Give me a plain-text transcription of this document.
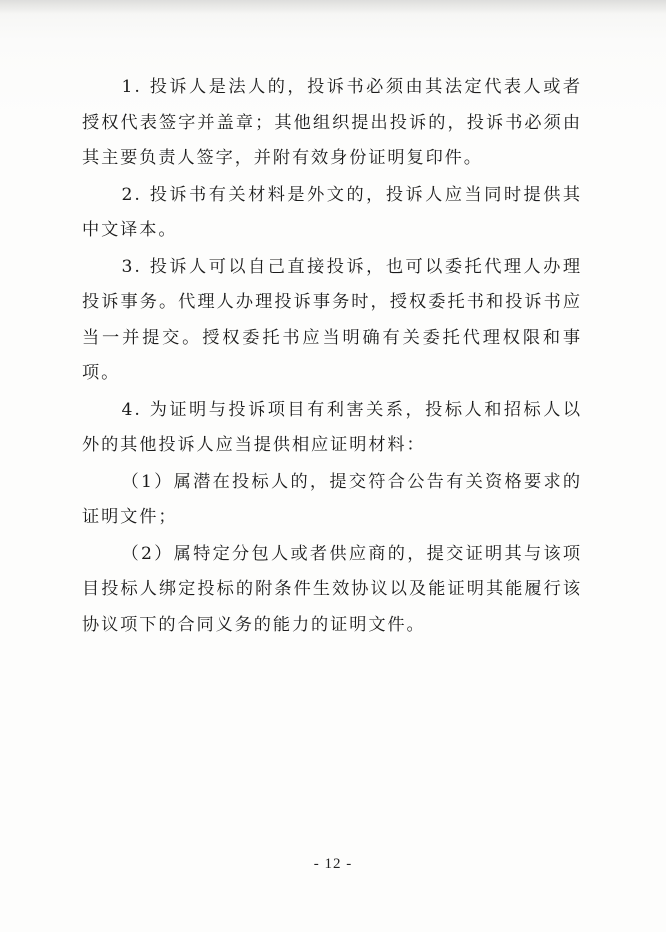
1. 投诉人是法人的，投诉书必须由其法定代表人或者授权代表签字并盖章；其他组织提出投诉的，投诉书必须由其主要负责人签字，并附有效身份证明复印件。

2. 投诉书有关材料是外文的，投诉人应当同时提供其中文译本。

3. 投诉人可以自己直接投诉，也可以委托代理人办理投诉事务。代理人办理投诉事务时，授权委托书和投诉书应当一并提交。授权委托书应当明确有关委托代理权限和事项。

4. 为证明与投诉项目有利害关系，投标人和招标人以外的其他投诉人应当提供相应证明材料：

（1）属潜在投标人的，提交符合公告有关资格要求的证明文件；

（2）属特定分包人或者供应商的，提交证明其与该项目投标人绑定投标的附条件生效协议以及能证明其能履行该协议项下的合同义务的能力的证明文件。

- 12 -
